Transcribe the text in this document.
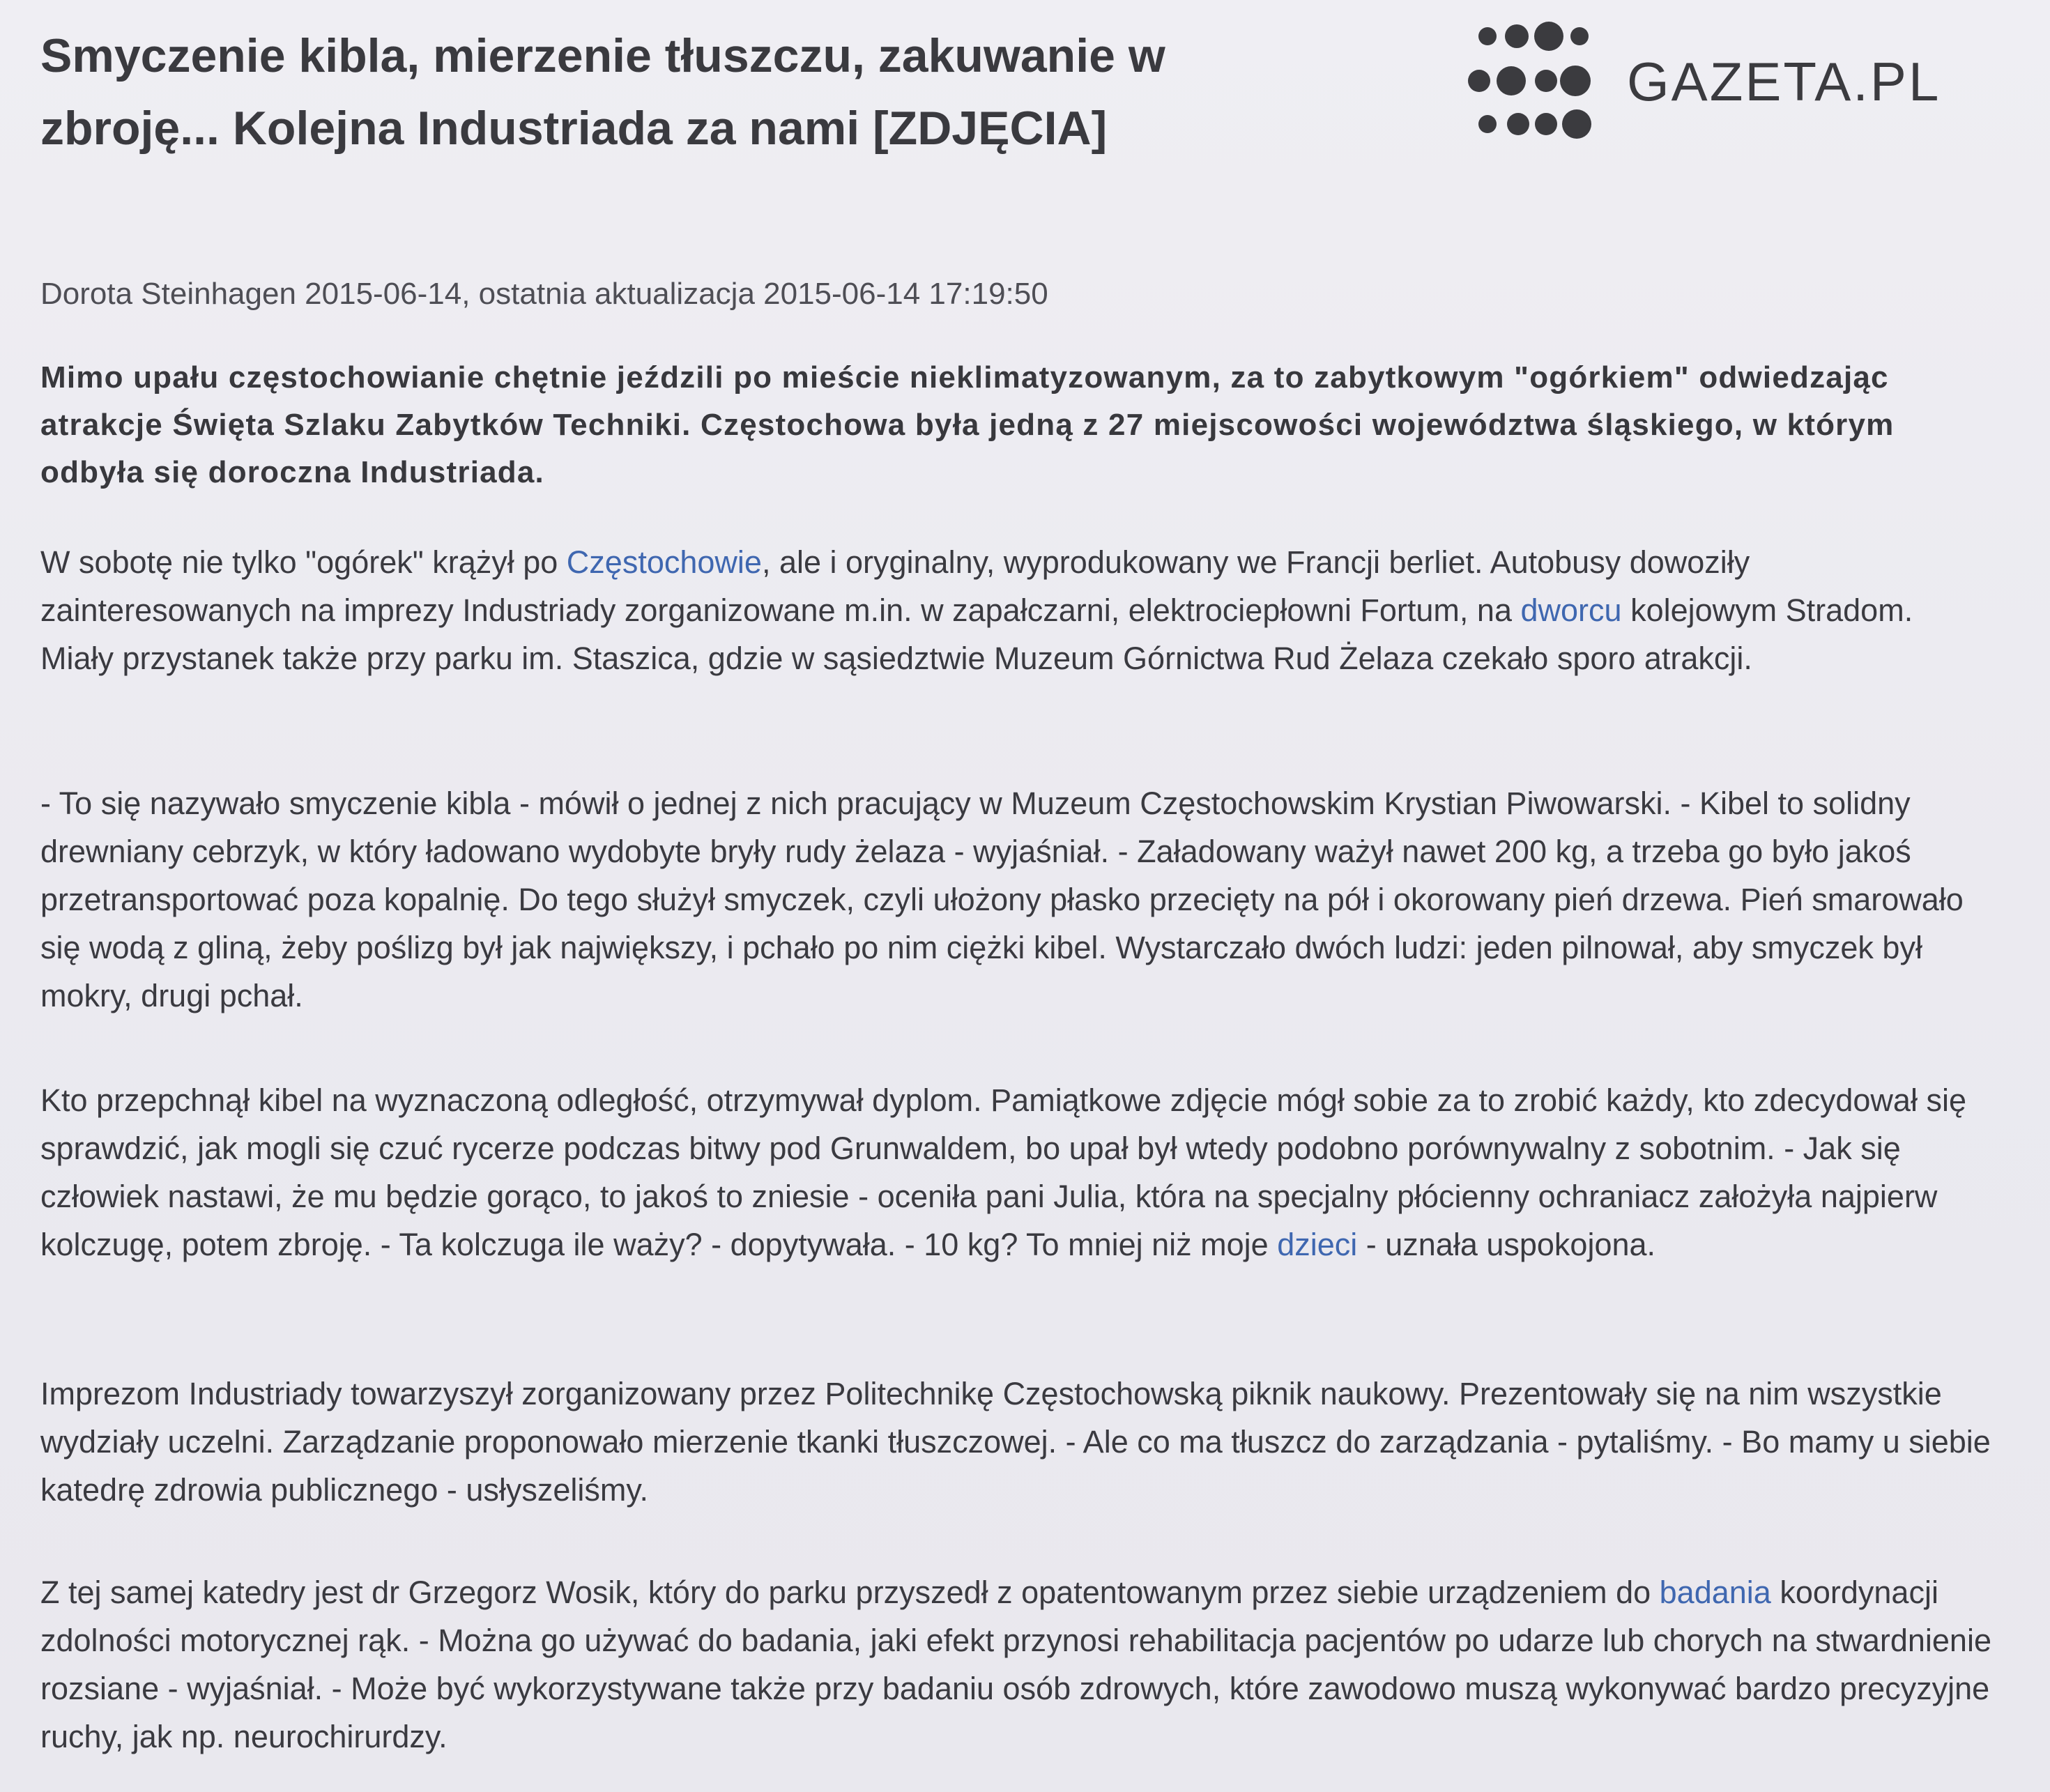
Smyczenie kibla, mierzenie tłuszczu, zakuwanie w zbroję... Kolejna Industriada za nami [ZDJĘCIA]
GAZETA.PL
Dorota Steinhagen 2015-06-14, ostatnia aktualizacja 2015-06-14 17:19:50

Mimo upału częstochowianie chętnie jeździli po mieście nieklimatyzowanym, za to zabytkowym "ogórkiem" odwiedzając atrakcje Święta Szlaku Zabytków Techniki. Częstochowa była jedną z 27 miejscowości województwa śląskiego, w którym odbyła się doroczna Industriada.

W sobotę nie tylko "ogórek" krążył po Częstochowie, ale i oryginalny, wyprodukowany we Francji berliet. Autobusy dowoziły zainteresowanych na imprezy Industriady zorganizowane m.in. w zapałczarni, elektrociepłowni Fortum, na dworcu kolejowym Stradom. Miały przystanek także przy parku im. Staszica, gdzie w sąsiedztwie Muzeum Górnictwa Rud Żelaza czekało sporo atrakcji.

- To się nazywało smyczenie kibla - mówił o jednej z nich pracujący w Muzeum Częstochowskim Krystian Piwowarski. - Kibel to solidny drewniany cebrzyk, w który ładowano wydobyte bryły rudy żelaza - wyjaśniał. - Załadowany ważył nawet 200 kg, a trzeba go było jakoś przetransportować poza kopalnię. Do tego służył smyczek, czyli ułożony płasko przecięty na pół i okorowany pień drzewa. Pień smarowało się wodą z gliną, żeby poślizg był jak największy, i pchało po nim ciężki kibel. Wystarczało dwóch ludzi: jeden pilnował, aby smyczek był mokry, drugi pchał.

Kto przepchnął kibel na wyznaczoną odległość, otrzymywał dyplom. Pamiątkowe zdjęcie mógł sobie za to zrobić każdy, kto zdecydował się sprawdzić, jak mogli się czuć rycerze podczas bitwy pod Grunwaldem, bo upał był wtedy podobno porównywalny z sobotnim. - Jak się człowiek nastawi, że mu będzie gorąco, to jakoś to zniesie - oceniła pani Julia, która na specjalny płócienny ochraniacz założyła najpierw kolczugę, potem zbroję. - Ta kolczuga ile waży? - dopytywała. - 10 kg? To mniej niż moje dzieci - uznała uspokojona.

Imprezom Industriady towarzyszył zorganizowany przez Politechnikę Częstochowską piknik naukowy. Prezentowały się na nim wszystkie wydziały uczelni. Zarządzanie proponowało mierzenie tkanki tłuszczowej. - Ale co ma tłuszcz do zarządzania - pytaliśmy. - Bo mamy u siebie katedrę zdrowia publicznego - usłyszeliśmy.

Z tej samej katedry jest dr Grzegorz Wosik, który do parku przyszedł z opatentowanym przez siebie urządzeniem do badania koordynacji zdolności motorycznej rąk. - Można go używać do badania, jaki efekt przynosi rehabilitacja pacjentów po udarze lub chorych na stwardnienie rozsiane - wyjaśniał. - Może być wykorzystywane także przy badaniu osób zdrowych, które zawodowo muszą wykonywać bardzo precyzyjne ruchy, jak np. neurochirurdzy.
